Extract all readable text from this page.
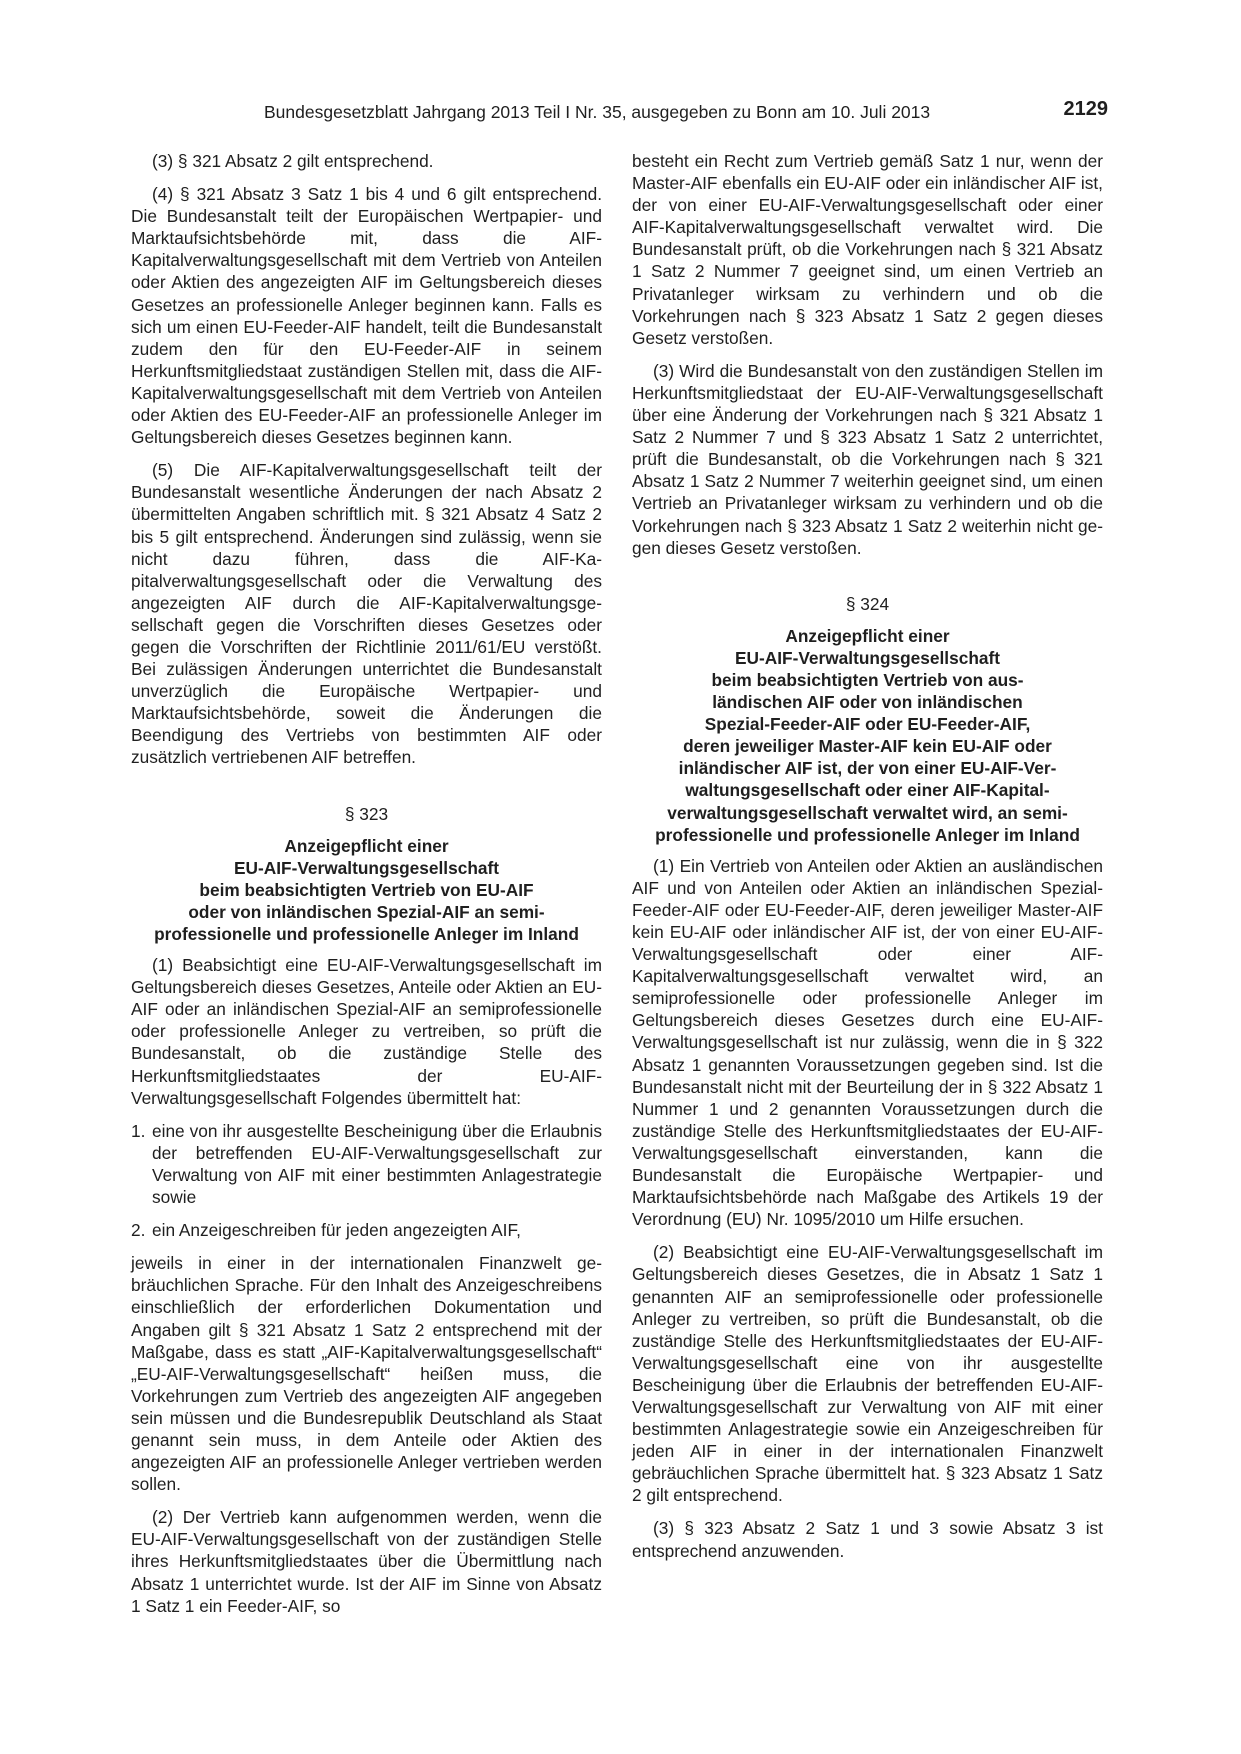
Bundesgesetzblatt Jahrgang 2013 Teil I Nr. 35, ausgegeben zu Bonn am 10. Juli 2013	2129

(3) § 321 Absatz 2 gilt entsprechend.

(4) § 321 Absatz 3 Satz 1 bis 4 und 6 gilt entsprechend. Die Bundesanstalt teilt der Europäischen Wertpapier- und Marktaufsichtsbehörde mit, dass die AIF-Kapitalverwaltungsgesellschaft mit dem Vertrieb von Anteilen oder Aktien des angezeigten AIF im Geltungsbereich dieses Gesetzes an professionelle Anleger beginnen kann. Falls es sich um einen EU-Feeder-AIF handelt, teilt die Bundesanstalt zudem den für den EU-Feeder-AIF in seinem Herkunftsmitgliedstaat zuständigen Stellen mit, dass die AIF-Kapitalverwaltungsgesellschaft mit dem Vertrieb von Anteilen oder Aktien des EU-Feeder-AIF an professionelle Anleger im Geltungsbereich dieses Gesetzes beginnen kann.

(5) Die AIF-Kapitalverwaltungsgesellschaft teilt der Bundesanstalt wesentliche Änderungen der nach Absatz 2 übermittelten Angaben schriftlich mit. § 321 Absatz 4 Satz 2 bis 5 gilt entsprechend. Änderungen sind zulässig, wenn sie nicht dazu führen, dass die AIF-Kapitalverwaltungsgesellschaft oder die Verwaltung des angezeigten AIF durch die AIF-Kapitalverwaltungsgesellschaft gegen die Vorschriften dieses Gesetzes oder gegen die Vorschriften der Richtlinie 2011/61/EU verstößt. Bei zulässigen Änderungen unterrichtet die Bundesanstalt unverzüglich die Europäische Wertpapier- und Marktaufsichtsbehörde, soweit die Änderungen die Beendigung des Vertriebs von bestimmten AIF oder zusätzlich vertriebenen AIF betreffen.

§ 323
Anzeigepflicht einer
EU-AIF-Verwaltungsgesellschaft
beim beabsichtigten Vertrieb von EU-AIF
oder von inländischen Spezial-AIF an semi-
professionelle und professionelle Anleger im Inland

(1) Beabsichtigt eine EU-AIF-Verwaltungsgesellschaft im Geltungsbereich dieses Gesetzes, Anteile oder Aktien an EU-AIF oder an inländischen Spezial-AIF an semiprofessionelle oder professionelle Anleger zu vertreiben, so prüft die Bundesanstalt, ob die zuständige Stelle des Herkunftsmitgliedstaates der EU-AIF-Verwaltungsgesellschaft Folgendes übermittelt hat:

1. eine von ihr ausgestellte Bescheinigung über die Erlaubnis der betreffenden EU-AIF-Verwaltungsgesellschaft zur Verwaltung von AIF mit einer bestimmten Anlagestrategie sowie
2. ein Anzeigeschreiben für jeden angezeigten AIF,

jeweils in einer in der internationalen Finanzwelt gebräuchlichen Sprache. Für den Inhalt des Anzeigeschreibens einschließlich der erforderlichen Dokumentation und Angaben gilt § 321 Absatz 1 Satz 2 entsprechend mit der Maßgabe, dass es statt „AIF-Kapitalverwaltungsgesellschaft“ „EU-AIF-Verwaltungsgesellschaft“ heißen muss, die Vorkehrungen zum Vertrieb des angezeigten AIF angegeben sein müssen und die Bundesrepublik Deutschland als Staat genannt sein muss, in dem Anteile oder Aktien des angezeigten AIF an professionelle Anleger vertrieben werden sollen.

(2) Der Vertrieb kann aufgenommen werden, wenn die EU-AIF-Verwaltungsgesellschaft von der zuständigen Stelle ihres Herkunftsmitgliedstaates über die Übermittlung nach Absatz 1 unterrichtet wurde. Ist der AIF im Sinne von Absatz 1 Satz 1 ein Feeder-AIF, so

besteht ein Recht zum Vertrieb gemäß Satz 1 nur, wenn der Master-AIF ebenfalls ein EU-AIF oder ein inländischer AIF ist, der von einer EU-AIF-Verwaltungsgesellschaft oder einer AIF-Kapitalverwaltungsgesellschaft verwaltet wird. Die Bundesanstalt prüft, ob die Vorkehrungen nach § 321 Absatz 1 Satz 2 Nummer 7 geeignet sind, um einen Vertrieb an Privatanleger wirksam zu verhindern und ob die Vorkehrungen nach § 323 Absatz 1 Satz 2 gegen dieses Gesetz verstoßen.

(3) Wird die Bundesanstalt von den zuständigen Stellen im Herkunftsmitgliedstaat der EU-AIF-Verwaltungsgesellschaft über eine Änderung der Vorkehrungen nach § 321 Absatz 1 Satz 2 Nummer 7 und § 323 Absatz 1 Satz 2 unterrichtet, prüft die Bundesanstalt, ob die Vorkehrungen nach § 321 Absatz 1 Satz 2 Nummer 7 weiterhin geeignet sind, um einen Vertrieb an Privatanleger wirksam zu verhindern und ob die Vorkehrungen nach § 323 Absatz 1 Satz 2 weiterhin nicht gegen dieses Gesetz verstoßen.

§ 324
Anzeigepflicht einer
EU-AIF-Verwaltungsgesellschaft
beim beabsichtigten Vertrieb von aus-
ländischen AIF oder von inländischen
Spezial-Feeder-AIF oder EU-Feeder-AIF,
deren jeweiliger Master-AIF kein EU-AIF oder
inländischer AIF ist, der von einer EU-AIF-Ver-
waltungsgesellschaft oder einer AIF-Kapital-
verwaltungsgesellschaft verwaltet wird, an semi-
professionelle und professionelle Anleger im Inland

(1) Ein Vertrieb von Anteilen oder Aktien an ausländischen AIF und von Anteilen oder Aktien an inländischen Spezial-Feeder-AIF oder EU-Feeder-AIF, deren jeweiliger Master-AIF kein EU-AIF oder inländischer AIF ist, der von einer EU-AIF-Verwaltungsgesellschaft oder einer AIF-Kapitalverwaltungsgesellschaft verwaltet wird, an semiprofessionelle oder professionelle Anleger im Geltungsbereich dieses Gesetzes durch eine EU-AIF-Verwaltungsgesellschaft ist nur zulässig, wenn die in § 322 Absatz 1 genannten Voraussetzungen gegeben sind. Ist die Bundesanstalt nicht mit der Beurteilung der in § 322 Absatz 1 Nummer 1 und 2 genannten Voraussetzungen durch die zuständige Stelle des Herkunftsmitgliedstaates der EU-AIF-Verwaltungsgesellschaft einverstanden, kann die Bundesanstalt die Europäische Wertpapier- und Marktaufsichtsbehörde nach Maßgabe des Artikels 19 der Verordnung (EU) Nr. 1095/2010 um Hilfe ersuchen.

(2) Beabsichtigt eine EU-AIF-Verwaltungsgesellschaft im Geltungsbereich dieses Gesetzes, die in Absatz 1 Satz 1 genannten AIF an semiprofessionelle oder professionelle Anleger zu vertreiben, so prüft die Bundesanstalt, ob die zuständige Stelle des Herkunftsmitgliedstaates der EU-AIF-Verwaltungsgesellschaft eine von ihr ausgestellte Bescheinigung über die Erlaubnis der betreffenden EU-AIF-Verwaltungsgesellschaft zur Verwaltung von AIF mit einer bestimmten Anlagestrategie sowie ein Anzeigeschreiben für jeden AIF in einer in der internationalen Finanzwelt gebräuchlichen Sprache übermittelt hat. § 323 Absatz 1 Satz 2 gilt entsprechend.

(3) § 323 Absatz 2 Satz 1 und 3 sowie Absatz 3 ist entsprechend anzuwenden.
